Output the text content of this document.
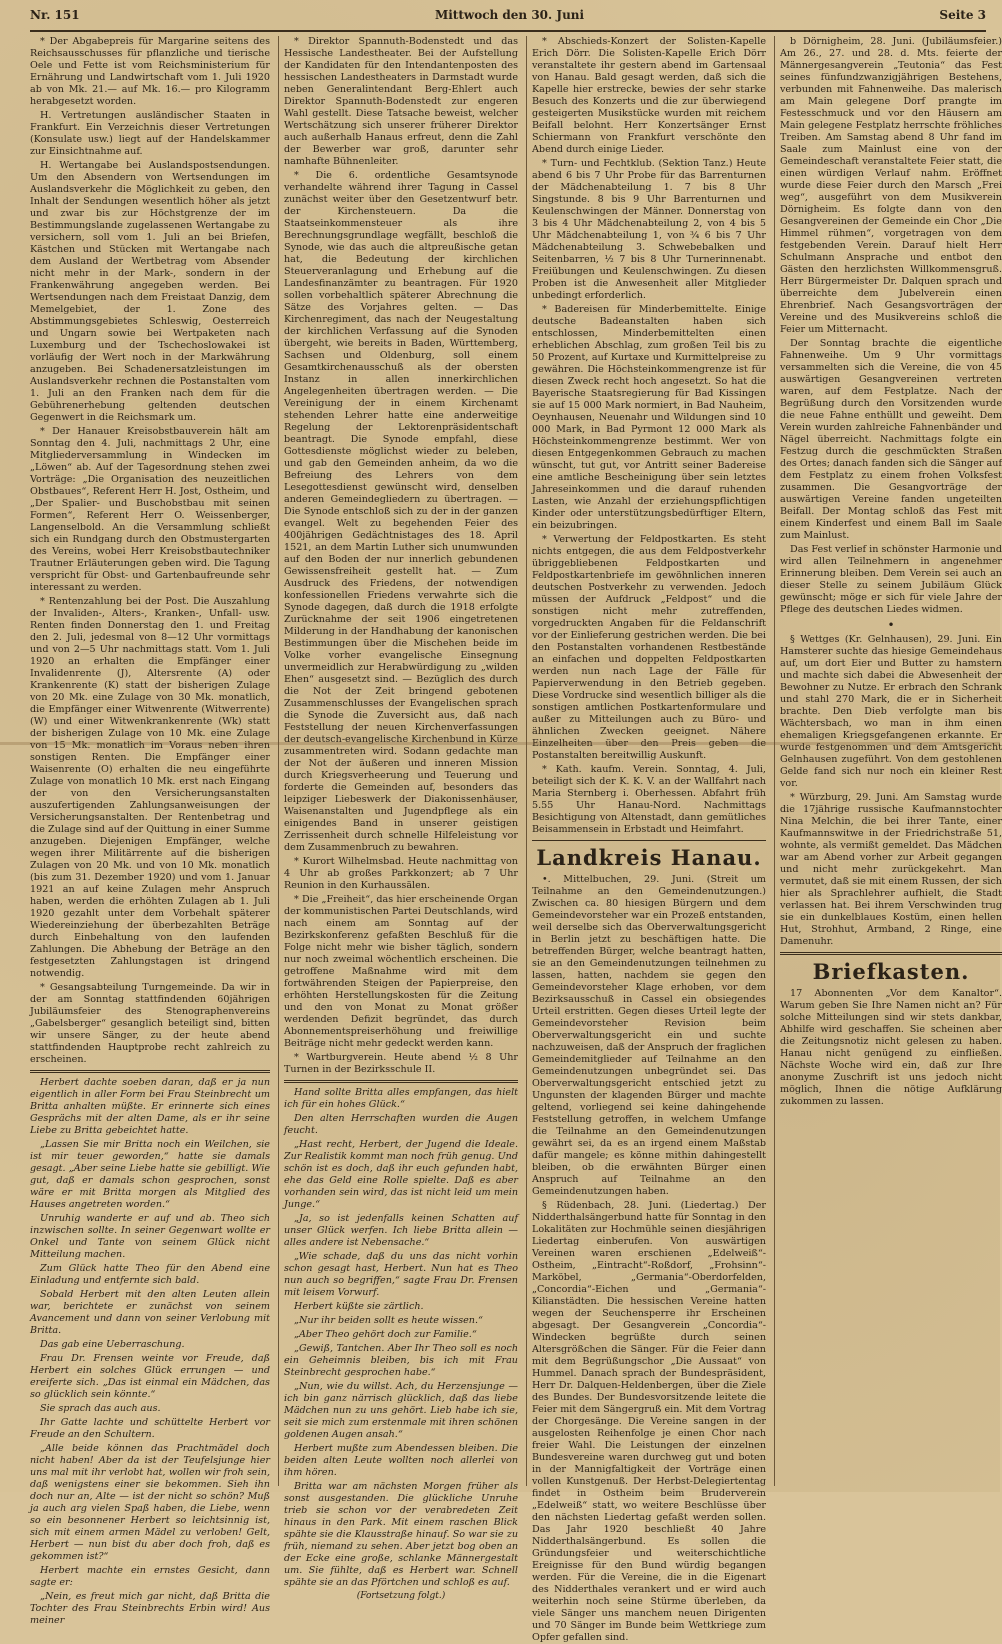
Nr. 151	Mittwoch den 30. Juni	Seite 3

* Der Abgabepreis für Margarine seitens des Reichsausschusses für pflanzliche und tierische Oele und Fette ist vom Reichsministerium für Ernährung und Landwirtschaft vom 1. Juli 1920 ab von Mk. 21.— auf Mk. 16.— pro Kilogramm herabgesetzt worden.

H. Vertretungen ausländischer Staaten in Frankfurt. Ein Verzeichnis dieser Vertretungen (Konsulate usw.) liegt auf der Handelskammer zur Einsichtnahme auf.

H. Wertangabe bei Auslandspostsendungen. Um den Absendern von Wertsendungen im Auslandsverkehr die Möglichkeit zu geben, den Inhalt der Sendungen wesentlich höher als jetzt und zwar bis zur Höchstgrenze der im Bestimmungslande zugelassenen Wertangabe zu versichern, soll vom 1. Juli an bei Briefen, Kästchen und Stücken mit Wertangabe nach dem Ausland der Wertbetrag vom Absender nicht mehr in der Mark-, sondern in der Frankenwährung angegeben werden. Bei Wertsendungen nach dem Freistaat Danzig, dem Memelgebiet, der 1. Zone des Abstimmungsgebietes Schleswig, Oesterreich und Ungarn sowie bei Wertpaketen nach Luxemburg und der Tschechoslowakei ist vorläufig der Wert noch in der Markwährung anzugeben. Bei Schadenersatzleistungen im Auslandsverkehr rechnen die Postanstalten vom 1. Juli an den Franken nach dem für die Gebührenerhebung geltenden deutschen Gegenwert in die Reichsmark um.

* Der Hanauer Kreisobstbauverein hält am Sonntag den 4. Juli, nachmittags 2 Uhr, eine Mitgliederversammlung in Windecken im „Löwen“ ab. Auf der Tagesordnung stehen zwei Vorträge: „Die Organisation des neuzeitlichen Obstbaues“, Referent Herr H. Jost, Ostheim, und „Der Spalier- und Buschobstbau mit seinen Formen“, Referent Herr O. Weissenberger, Langenselbold. An die Versammlung schließt sich ein Rundgang durch den Obstmustergarten des Vereins, wobei Herr Kreisobstbautechniker Trautner Erläuterungen geben wird. Die Tagung verspricht für Obst- und Gartenbaufreunde sehr interessant zu werden.

* Rentenzahlung bei der Post. Die Auszahlung der Invaliden-, Alters-, Kranken-, Unfall- usw. Renten finden Donnerstag den 1. und Freitag den 2. Juli, jedesmal von 8—12 Uhr vormittags und von 2—5 Uhr nachmittags statt. Vom 1. Juli 1920 an erhalten die Empfänger einer Invalidenrente (J), Altersrente (A) oder Krankenrente (K) statt der bisherigen Zulage von 20 Mk. eine Zulage von 30 Mk. monatlich, die Empfänger einer Witwenrente (Witwerrente) (W) und einer Witwenkrankenrente (Wk) statt der bisherigen Zulage von 10 Mk. eine Zulage von 15 Mk. monatlich im Voraus neben ihren sonstigen Renten. Die Empfänger einer Waisenrente (O) erhalten die neu eingeführte Zulage von monatlich 10 Mk. erst nach Eingang der von den Versicherungsanstalten auszufertigenden Zahlungsanweisungen der Versicherungsanstalten. Der Rentenbetrag und die Zulage sind auf der Quittung in einer Summe anzugeben. Diejenigen Empfänger, welche wegen ihrer Militärrente auf die bisherigen Zulagen von 20 Mk. und von 10 Mk. monatlich (bis zum 31. Dezember 1920) und vom 1. Januar 1921 an auf keine Zulagen mehr Anspruch haben, werden die erhöhten Zulagen ab 1. Juli 1920 gezahlt unter dem Vorbehalt späterer Wiedereinziehung der überbezahlten Beträge durch Einbehaltung von den laufenden Zahlungen. Die Abhebung der Beträge an den festgesetzten Zahlungstagen ist dringend notwendig.

* Gesangsabteilung Turngemeinde. Da wir in der am Sonntag stattfindenden 60jährigen Jubiläumsfeier des Stenographenvereins „Gabelsberger“ gesanglich beteiligt sind, bitten wir unsere Sänger, zu der heute abend stattfindenden Hauptprobe recht zahlreich zu erscheinen.

Herbert dachte soeben daran, daß er ja nun eigentlich in aller Form bei Frau Steinbrecht um Britta anhalten müßte. Er erinnerte sich eines Gesprächs mit der alten Dame, als er ihr seine Liebe zu Britta gebeichtet hatte.

„Lassen Sie mir Britta noch ein Weilchen, sie ist mir teuer geworden,“ hatte sie damals gesagt. „Aber seine Liebe hatte sie gebilligt. Wie gut, daß er damals schon gesprochen, sonst wäre er mit Britta morgen als Mitglied des Hauses angetreten worden.“

Unruhig wanderte er auf und ab. Theo sich inzwischen sollte. In seiner Gegenwart wollte er Onkel und Tante von seinem Glück nicht Mitteilung machen.

Zum Glück hatte Theo für den Abend eine Einladung und entfernte sich bald.

Sobald Herbert mit den alten Leuten allein war, berichtete er zunächst von seinem Avancement und dann von seiner Verlobung mit Britta.

Das gab eine Ueberraschung.

Frau Dr. Frensen weinte vor Freude, daß Herbert ein solches Glück errungen — und ereiferte sich. „Das ist einmal ein Mädchen, das so glücklich sein könnte.“

Sie sprach das auch aus.

Ihr Gatte lachte und schüttelte Herbert vor Freude an den Schultern.

„Alle beide können das Prachtmädel doch nicht haben! Aber da ist der Teufelsjunge hier uns mal mit ihr verlobt hat, wollen wir froh sein, daß wenigstens einer sie bekommen. Sieh ihn doch nur an, Alte — ist der nicht so schön? Muß ja auch arg vielen Spaß haben, die Liebe, wenn so ein besonnener Herbert so leichtsinnig ist, sich mit einem armen Mädel zu verloben! Gelt, Herbert — nun bist du aber doch froh, daß es gekommen ist?“

Herbert machte ein ernstes Gesicht, dann sagte er:

„Nein, es freut mich gar nicht, daß Britta die Tochter des Frau Steinbrechts Erbin wird! Aus meiner

* Direktor Spannuth-Bodenstedt und das Hessische Landestheater. Bei der Aufstellung der Kandidaten für den Intendantenposten des hessischen Landestheaters in Darmstadt wurde neben Generalintendant Berg-Ehlert auch Direktor Spannuth-Bodenstedt zur engeren Wahl gestellt. Diese Tatsache beweist, welcher Wertschätzung sich unserer früherer Direktor auch außerhalb Hanaus erfreut, denn die Zahl der Bewerber war groß, darunter sehr namhafte Bühnenleiter.

* Die 6. ordentliche Gesamtsynode verhandelte während ihrer Tagung in Cassel zunächst weiter über den Gesetzentwurf betr. der Kirchensteuern. Da die Staatseinkommensteuer als ihre Berechnungsgrundlage wegfällt, beschloß die Synode, wie das auch die altpreußische getan hat, die Bedeutung der kirchlichen Steuerveranlagung und Erhebung auf die Landesfinanzämter zu beantragen. Für 1920 sollen vorbehaltlich späterer Abrechnung die Sätze des Vorjahres gelten. — Das Kirchenregiment, das nach der Neugestaltung der kirchlichen Verfassung auf die Synoden übergeht, wie bereits in Baden, Württemberg, Sachsen und Oldenburg, soll einem Gesamtkirchenausschuß als der obersten Instanz in allen innerkirchlichen Angelegenheiten übertragen werden. — Die Vereinigung der in einem Kirchenamt stehenden Lehrer hatte eine anderweitige Regelung der Lektorenpräsidentschaft beantragt. Die Synode empfahl, diese Gottesdienste möglichst wieder zu beleben, und gab den Gemeinden anheim, da wo die Befreiung des Lehrers von dem Lesegottesdienst gewünscht wird, denselben anderen Gemeindegliedern zu übertragen. — Die Synode entschloß sich zu der in der ganzen evangel. Welt zu begehenden Feier des 400jährigen Gedächtnistages des 18. April 1521, an dem Martin Luther sich unumwunden auf den Boden der nur innerlich gebundenen Gewissensfreiheit gestellt hat. — Zum Ausdruck des Friedens, der notwendigen konfessionellen Friedens verwahrte sich die Synode dagegen, daß durch die 1918 erfolgte Zurücknahme der seit 1906 eingetretenen Milderung in der Handhabung der kanonischen Bestimmungen über die Mischehen beide im Volke vorher evangelische Einsegnung unvermeidlich zur Herabwürdigung zu „wilden Ehen“ ausgesetzt sind. — Bezüglich des durch die Not der Zeit bringend gebotenen Zusammenschlusses der Evangelischen sprach die Synode die Zuversicht aus, daß nach Feststellung der neuen Kirchenverfassungen der deutsch-evangelische Kirchenbund in Kürze zusammentreten wird. Sodann gedachte man der Not der äußeren und inneren Mission durch Kriegsverheerung und Teuerung und forderte die Gemeinden auf, besonders das leipziger Liebeswerk der Diakonissenhäuser, Waisenanstalten und Jugendpflege als ein einigendes Band in unserer geistigen Zerrissenheit durch schnelle Hilfeleistung vor dem Zusammenbruch zu bewahren.

* Kurort Wilhelmsbad. Heute nachmittag von 4 Uhr ab großes Parkkonzert; ab 7 Uhr Reunion in den Kurhaussälen.

* Die „Freiheit“, das hier erscheinende Organ der kommunistischen Partei Deutschlands, wird nach einem am Sonntag auf der Bezirkskonferenz gefaßten Beschluß für die Folge nicht mehr wie bisher täglich, sondern nur noch zweimal wöchentlich erscheinen. Die getroffene Maßnahme wird mit dem fortwährenden Steigen der Papierpreise, den erhöhten Herstellungskosten für die Zeitung und den von Monat zu Monat größer werdenden Defizit begründet, das durch Abonnementspreiserhöhung und freiwillige Beiträge nicht mehr gedeckt werden kann.

* Wartburgverein. Heute abend ½ 8 Uhr Turnen in der Bezirksschule II.

Hand sollte Britta alles empfangen, das hielt ich für ein hohes Glück.“

Den alten Herrschaften wurden die Augen feucht.

„Hast recht, Herbert, der Jugend die Ideale. Zur Realistik kommt man noch früh genug. Und schön ist es doch, daß ihr euch gefunden habt, ehe das Geld eine Rolle spielte. Daß es aber vorhanden sein wird, das ist nicht leid um mein Junge.“

„Ja, so ist jedenfalls keinen Schatten auf unser Glück werfen. Ich liebe Britta allein — alles andere ist Nebensache.“

„Wie schade, daß du uns das nicht vorhin schon gesagt hast, Herbert. Nun hat es Theo nun auch so begriffen,“ sagte Frau Dr. Frensen mit leisem Vorwurf.

Herbert küßte sie zärtlich.

„Nur ihr beiden sollt es heute wissen.“

„Aber Theo gehört doch zur Familie.“

„Gewiß, Tantchen. Aber Ihr Theo soll es noch ein Geheimnis bleiben, bis ich mit Frau Steinbrecht gesprochen habe.“

„Nun, wie du willst. Ach, du Herzensjunge — ich bin ganz närrisch glücklich, daß das liebe Mädchen nun zu uns gehört. Lieb habe ich sie, seit sie mich zum erstenmale mit ihren schönen goldenen Augen ansah.“

Herbert mußte zum Abendessen bleiben. Die beiden alten Leute wollten noch allerlei von ihm hören.

Britta war am nächsten Morgen früher als sonst ausgestanden. Die glückliche Unruhe trieb sie schon vor der verabredeten Zeit hinaus in den Park. Mit einem raschen Blick spähte sie die Klausstraße hinauf. So war sie zu früh, niemand zu sehen. Aber jetzt bog oben an der Ecke eine große, schlanke Männergestalt um. Sie fühlte, daß es Herbert war. Schnell spähte sie an das Pförtchen und schloß es auf.

(Fortsetzung folgt.)

* Abschieds-Konzert der Solisten-Kapelle Erich Dörr. Die Solisten-Kapelle Erich Dörr veranstaltete ihr gestern abend im Gartensaal von Hanau. Bald gesagt werden, daß sich die Kapelle hier erstrecke, bewies der sehr starke Besuch des Konzerts und die zur überwiegend gesteigerten Musikstücke wurden mit reichem Beifall belohnt. Herr Konzertsänger Ernst Schiermann von Frankfurt verschönte den Abend durch einige Lieder.

* Turn- und Fechtklub. (Sektion Tanz.) Heute abend 6 bis 7 Uhr Probe für das Barrenturnen der Mädchenabteilung 1. 7 bis 8 Uhr Singstunde. 8 bis 9 Uhr Barrenturnen und Keulenschwingen der Männer. Donnerstag von 3 bis 4 Uhr Mädchenabteilung 2, von 4 bis 5 Uhr Mädchenabteilung 1, von ¾ 6 bis 7 Uhr Mädchenabteilung 3. Schwebebalken und Seitenbarren, ½ 7 bis 8 Uhr Turnerinnenabt. Freiübungen und Keulenschwingen. Zu diesen Proben ist die Anwesenheit aller Mitglieder unbedingt erforderlich.

* Badereisen für Minderbemittelte. Einige deutsche Badeanstalten haben sich entschlossen, Minderbemittelten einen erheblichen Abschlag, zum großen Teil bis zu 50 Prozent, auf Kurtaxe und Kurmittelpreise zu gewähren. Die Höchsteinkommengrenze ist für diesen Zweck recht hoch angesetzt. So hat die Bayerische Staatsregierung für Bad Kissingen sie auf 15 000 Mark normiert, in Bad Nauheim, Oeynhausen, Neuenahr und Wildungen sind 10 000 Mark, in Bad Pyrmont 12 000 Mark als Höchsteinkommengrenze bestimmt. Wer von diesen Entgegenkommen Gebrauch zu machen wünscht, tut gut, vor Antritt seiner Badereise eine amtliche Bescheinigung über sein letztes Jahreseinkommen und die darauf ruhenden Lasten, wie Anzahl der erziehungspflichtigen Kinder oder unterstützungsbedürftiger Eltern, ein beizubringen.

* Verwertung der Feldpostkarten. Es steht nichts entgegen, die aus dem Feldpostverkehr übriggebliebenen Feldpostkarten und Feldpostkartenbriefe im gewöhnlichen inneren deutschen Postverkehr zu verwenden. Jedoch müssen der Aufdruck „Feldpost“ und die sonstigen nicht mehr zutreffenden, vorgedruckten Angaben für die Feldanschrift vor der Einlieferung gestrichen werden. Die bei den Postanstalten vorhandenen Restbestände an einfachen und doppelten Feldpostkarten werden nun nach Lage der Fälle für Papierverwendung in den Betrieb gegeben. Diese Vordrucke sind wesentlich billiger als die sonstigen amtlichen Postkartenformulare und außer zu Mitteilungen auch zu Büro- und ähnlichen Zwecken geeignet. Nähere Einzelheiten über den Preis geben die Postanstalten bereitwillig Auskunft.

* Kath. kaufm. Verein. Sonntag, 4. Juli, beteiligt sich der K. K. V. an der Wallfahrt nach Maria Sternberg i. Oberhessen. Abfahrt früh 5.55 Uhr Hanau-Nord. Nachmittags Besichtigung von Altenstadt, dann gemütliches Beisammensein in Erbstadt und Heimfahrt.

Landkreis Hanau.

•. Mittelbuchen, 29. Juni. (Streit um Teilnahme an den Gemeindenutzungen.) Zwischen ca. 80 hiesigen Bürgern und dem Gemeindevorsteher war ein Prozeß entstanden, weil derselbe sich das Oberverwaltungsgericht in Berlin jetzt zu beschäftigen hatte. Die betreffenden Bürger, welche beantragt hatten, sie an den Gemeindenutzungen teilnehmen zu lassen, hatten, nachdem sie gegen den Gemeindevorsteher Klage erhoben, vor dem Bezirksausschuß in Cassel ein obsiegendes Urteil erstritten. Gegen dieses Urteil legte der Gemeindevorsteher Revision beim Oberverwaltungsgericht ein und suchte nachzuweisen, daß der Anspruch der fraglichen Gemeindemitglieder auf Teilnahme an den Gemeindenutzungen unbegründet sei. Das Oberverwaltungsgericht entschied jetzt zu Ungunsten der klagenden Bürger und machte geltend, vorliegend sei keine dahingehende Feststellung getroffen, in welchem Umfange die Teilnahme an den Gemeindenutzungen gewährt sei, da es an irgend einem Maßstab dafür mangele; es könne mithin dahingestellt bleiben, ob die erwähnten Bürger einen Anspruch auf Teilnahme an den Gemeindenutzungen haben.

§ Rüdenbach, 28. Juni. (Liedertag.) Der Nidderthalsängerbund hatte für Sonntag in den Lokalitäten zur Hochmühle seinen diesjährigen Liedertag einberufen. Von auswärtigen Vereinen waren erschienen „Edelweiß“-Ostheim, „Eintracht“-Roßdorf, „Frohsinn“-Marköbel, „Germania“-Oberdorfelden, „Concordia“-Eichen und „Germania“-Kilianstädten. Die hessischen Vereine hatten wegen der Seuchensperre ihr Erscheinen abgesagt. Der Gesangverein „Concordia“-Windecken begrüßte durch seinen Altersgrößchen die Sänger. Für die Feier dann mit dem Begrüßungschor „Die Aussaat“ von Hummel. Danach sprach der Bundespräsident, Herr Dr. Dalquen-Heldenbergen, über die Ziele des Bundes. Der Bundesvorsitzende leitete die Feier mit dem Sängergruß ein. Mit dem Vortrag der Chorgesänge. Die Vereine sangen in der ausgelosten Reihenfolge je einen Chor nach freier Wahl. Die Leistungen der einzelnen Bundesvereine waren durchweg gut und boten in der Mannigfaltigkeit der Vorträge einen vollen Kunstgenuß. Der Herbst-Delegiertentag findet in Ostheim beim Bruderverein „Edelweiß“ statt, wo weitere Beschlüsse über den nächsten Liedertag gefaßt werden sollen. Das Jahr 1920 beschließt 40 Jahre Nidderthalsängerbund. Es sollen die Gründungsfeier und weiterschichtliche Ereignisse für den Bund würdig begangen werden. Für die Vereine, die in die Eigenart des Nidderthales verankert und er wird auch weiterhin noch seine Stürme überleben, da viele Sänger uns manchem neuen Dirigenten und 70 Sänger im Bunde beim Wettkriege zum Opfer gefallen sind.

b Dörnigheim, 28. Juni. (Jubiläumsfeier.) Am 26., 27. und 28. d. Mts. feierte der Männergesangverein „Teutonia“ das Fest seines fünfundzwanzigjährigen Bestehens, verbunden mit Fahnenweihe. Das malerisch am Main gelegene Dorf prangte im Festesschmuck und vor den Häusern am Main gelegene Festplatz herrschte fröhliches Treiben. Am Samstag abend 8 Uhr fand im Saale zum Mainlust eine von der Gemeindeschaft veranstaltete Feier statt, die einen würdigen Verlauf nahm. Eröffnet wurde diese Feier durch den Marsch „Frei weg“, ausgeführt von dem Musikverein Dörnigheim. Es folgte dann von den Gesangvereinen der Gemeinde ein Chor „Die Himmel rühmen“, vorgetragen von dem festgebenden Verein. Darauf hielt Herr Schulmann Ansprache und entbot den Gästen den herzlichsten Willkommensgruß. Herr Bürgermeister Dr. Dalquen sprach und überreichte dem Jubelverein einen Ehrenbrief. Nach Gesangsvorträgen der Vereine und des Musikvereins schloß die Feier um Mitternacht.

Der Sonntag brachte die eigentliche Fahnenweihe. Um 9 Uhr vormittags versammelten sich die Vereine, die von 45 auswärtigen Gesangvereinen vertreten waren, auf dem Festplatze. Nach der Begrüßung durch den Vorsitzenden wurde die neue Fahne enthüllt und geweiht. Dem Verein wurden zahlreiche Fahnenbänder und Nägel überreicht. Nachmittags folgte ein Festzug durch die geschmückten Straßen des Ortes; danach fanden sich die Sänger auf dem Festplatz zu einem frohen Volksfest zusammen. Die Gesangvorträge der auswärtigen Vereine fanden ungeteilten Beifall. Der Montag schloß das Fest mit einem Kinderfest und einem Ball im Saale zum Mainlust.

Das Fest verlief in schönster Harmonie und wird allen Teilnehmern in angenehmer Erinnerung bleiben. Dem Verein sei auch an dieser Stelle zu seinem Jubiläum Glück gewünscht; möge er sich für viele Jahre der Pflege des deutschen Liedes widmen.

•

§ Wettges (Kr. Gelnhausen), 29. Juni. Ein Hamsterer suchte das hiesige Gemeindehaus auf, um dort Eier und Butter zu hamstern und machte sich dabei die Abwesenheit der Bewohner zu Nutze. Er erbrach den Schrank und stahl 270 Mark, die er in Sicherheit brachte. Den Dieb verfolgte man bis Wächtersbach, wo man in ihm einen ehemaligen Kriegsgefangenen erkannte. Er wurde festgenommen und dem Amtsgericht Gelnhausen zugeführt. Von dem gestohlenen Gelde fand sich nur noch ein kleiner Rest vor.

* Würzburg, 29. Juni. Am Samstag wurde die 17jährige russische Kaufmannstochter Nina Melchin, die bei ihrer Tante, einer Kaufmannswitwe in der Friedrichstraße 51, wohnte, als vermißt gemeldet. Das Mädchen war am Abend vorher zur Arbeit gegangen und nicht mehr zurückgekehrt. Man vermutet, daß sie mit einem Russen, der sich hier als Sprachlehrer aufhielt, die Stadt verlassen hat. Bei ihrem Verschwinden trug sie ein dunkelblaues Kostüm, einen hellen Hut, Strohhut, Armband, 2 Ringe, eine Damenuhr.

Briefkasten.

17 Abonnenten „Vor dem Kanaltor“. Warum geben Sie Ihre Namen nicht an? Für solche Mitteilungen sind wir stets dankbar, Abhilfe wird geschaffen. Sie scheinen aber die Zeitungsnotiz nicht gelesen zu haben. Hanau nicht genügend zu einfließen. Nächste Woche wird ein, daß zur Ihre anonyme Zuschrift ist uns jedoch nicht möglich, Ihnen die nötige Aufklärung zukommen zu lassen.
